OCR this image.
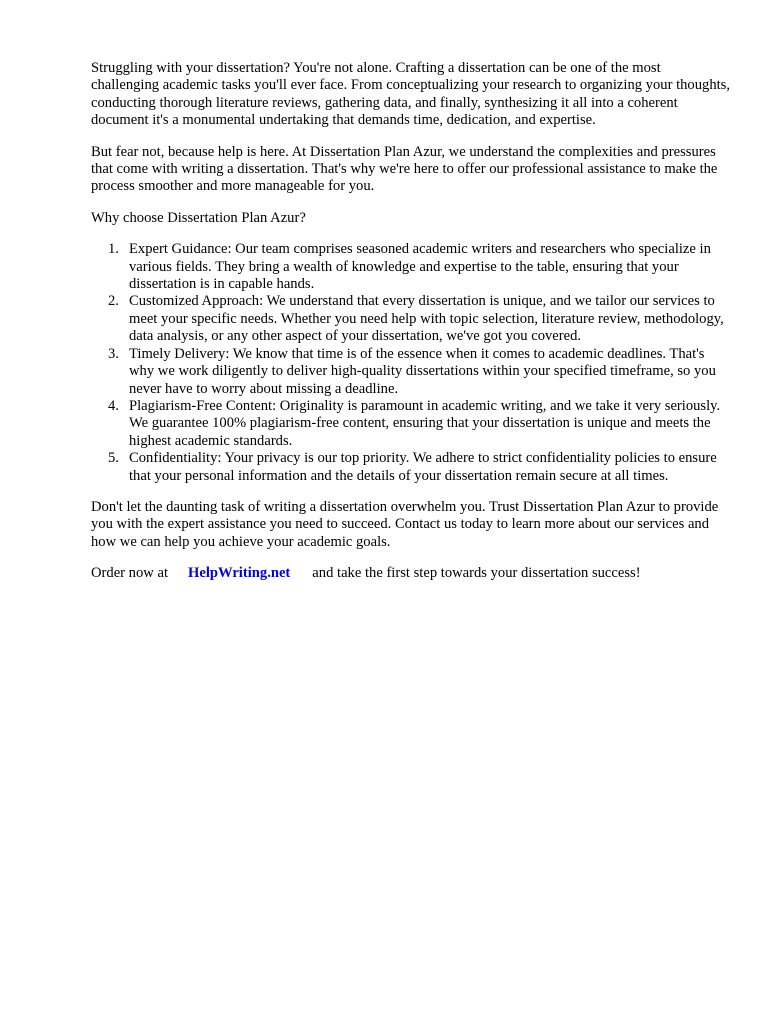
Struggling with your dissertation? You're not alone. Crafting a dissertation can be one of the most challenging academic tasks you'll ever face. From conceptualizing your research to organizing your thoughts, conducting thorough literature reviews, gathering data, and finally, synthesizing it all into a coherent document it's a monumental undertaking that demands time, dedication, and expertise.

But fear not, because help is here. At Dissertation Plan Azur, we understand the complexities and pressures that come with writing a dissertation. That's why we're here to offer our professional assistance to make the process smoother and more manageable for you.

Why choose Dissertation Plan Azur?

1. Expert Guidance: Our team comprises seasoned academic writers and researchers who specialize in various fields. They bring a wealth of knowledge and expertise to the table, ensuring that your dissertation is in capable hands.
2. Customized Approach: We understand that every dissertation is unique, and we tailor our services to meet your specific needs. Whether you need help with topic selection, literature review, methodology, data analysis, or any other aspect of your dissertation, we've got you covered.
3. Timely Delivery: We know that time is of the essence when it comes to academic deadlines. That's why we work diligently to deliver high-quality dissertations within your specified timeframe, so you never have to worry about missing a deadline.
4. Plagiarism-Free Content: Originality is paramount in academic writing, and we take it very seriously. We guarantee 100% plagiarism-free content, ensuring that your dissertation is unique and meets the highest academic standards.
5. Confidentiality: Your privacy is our top priority. We adhere to strict confidentiality policies to ensure that your personal information and the details of your dissertation remain secure at all times.

Don't let the daunting task of writing a dissertation overwhelm you. Trust Dissertation Plan Azur to provide you with the expert assistance you need to succeed. Contact us today to learn more about our services and how we can help you achieve your academic goals.

Order now at HelpWriting.net and take the first step towards your dissertation success!
